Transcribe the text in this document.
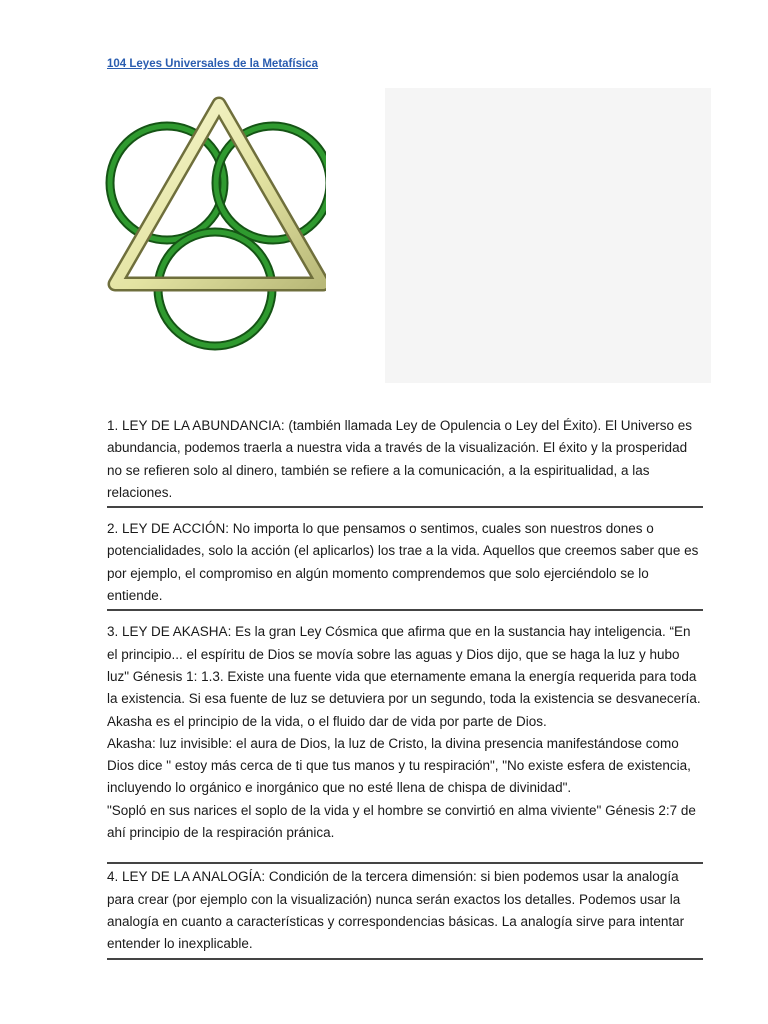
104 Leyes Universales de la Metafísica

1. LEY DE LA ABUNDANCIA: (también llamada Ley de Opulencia o Ley del Éxito). El Universo es abundancia, podemos traerla a nuestra vida a través de la visualización. El éxito y la prosperidad no se refieren solo al dinero, también se refiere a la comunicación, a la espiritualidad, a las relaciones.

2. LEY DE ACCIÓN: No importa lo que pensamos o sentimos, cuales son nuestros dones o potencialidades, solo la acción (el aplicarlos) los trae a la vida. Aquellos que creemos saber que es por ejemplo, el compromiso en algún momento comprendemos que solo ejerciéndolo se lo entiende.

3. LEY DE AKASHA: Es la gran Ley Cósmica que afirma que en la sustancia hay inteligencia. “En el principio... el espíritu de Dios se movía sobre las aguas y Dios dijo, que se haga la luz y hubo luz" Génesis 1: 1.3. Existe una fuente vida que eternamente emana la energía requerida para toda la existencia. Si esa fuente de luz se detuviera por un segundo, toda la existencia se desvanecería. Akasha es el principio de la vida, o el fluido dar de vida por parte de Dios.

Akasha: luz invisible: el aura de Dios, la luz de Cristo, la divina presencia manifestándose como Dios dice " estoy más cerca de ti que tus manos y tu respiración", "No existe esfera de existencia, incluyendo lo orgánico e inorgánico que no esté llena de chispa de divinidad".

"Sopló en sus narices el soplo de la vida y el hombre se convirtió en alma viviente" Génesis 2:7 de ahí principio de la respiración pránica.

4. LEY DE LA ANALOGÍA: Condición de la tercera dimensión: si bien podemos usar la analogía para crear (por ejemplo con la visualización) nunca serán exactos los detalles. Podemos usar la analogía en cuanto a características y correspondencias básicas. La analogía sirve para intentar entender lo inexplicable.
